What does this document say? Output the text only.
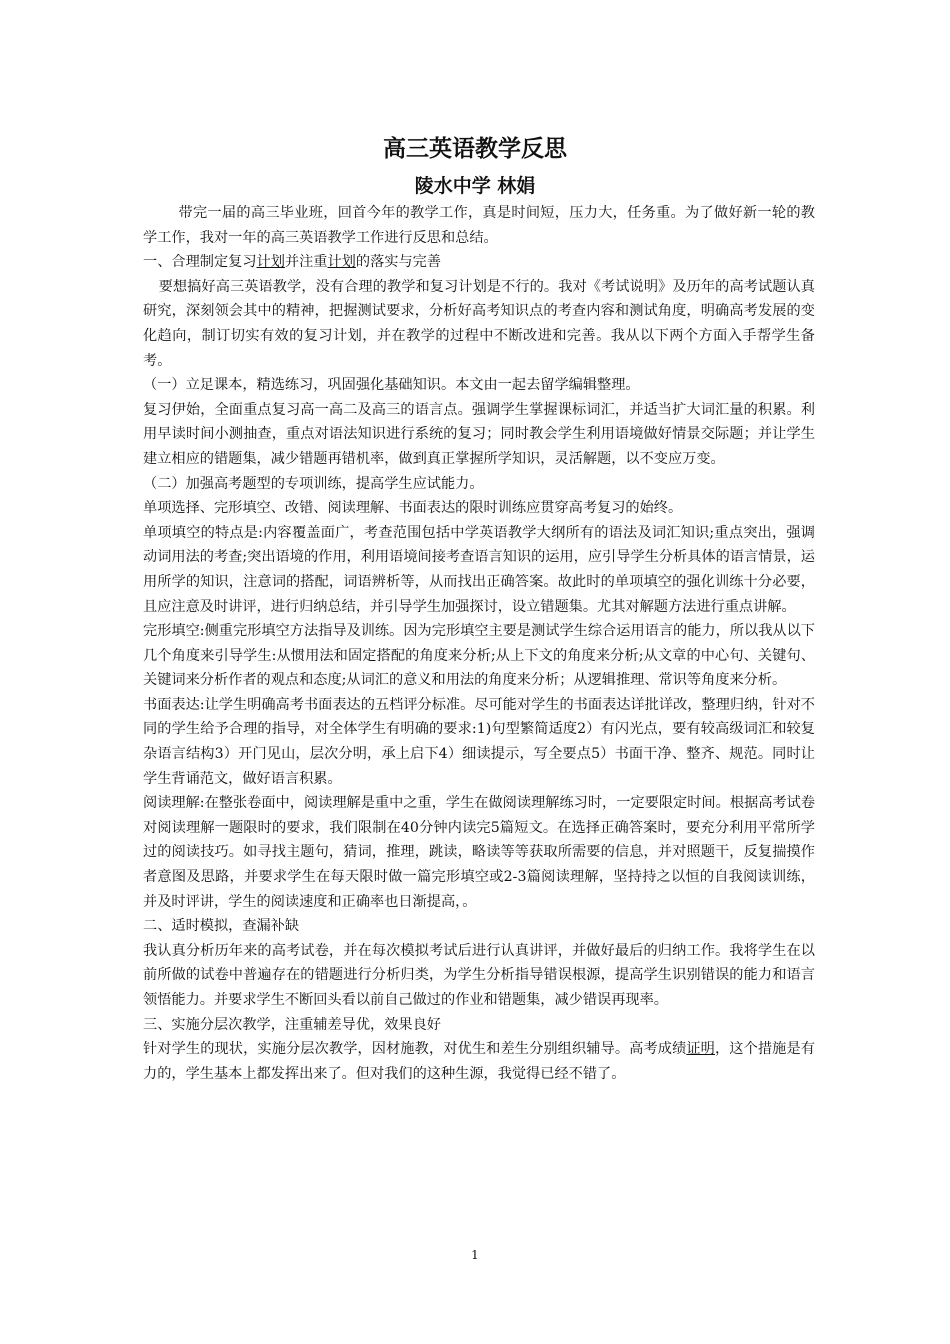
高三英语教学反思
陵水中学 林娟

带完一届的高三毕业班，回首今年的教学工作，真是时间短，压力大，任务重。为了做好新一轮的教学工作，我对一年的高三英语教学工作进行反思和总结。

一、合理制定复习计划并注重计划的落实与完善

要想搞好高三英语教学，没有合理的教学和复习计划是不行的。我对《考试说明》及历年的高考试题认真研究，深刻领会其中的精神，把握测试要求，分析好高考知识点的考查内容和测试角度，明确高考发展的变化趋向，制订切实有效的复习计划，并在教学的过程中不断改进和完善。我从以下两个方面入手帮学生备考。

（一）立足课本，精选练习，巩固强化基础知识。本文由一起去留学编辑整理。

复习伊始，全面重点复习高一高二及高三的语言点。强调学生掌握课标词汇，并适当扩大词汇量的积累。利用早读时间小测抽查，重点对语法知识进行系统的复习；同时教会学生利用语境做好情景交际题；并让学生建立相应的错题集，减少错题再错机率，做到真正掌握所学知识，灵活解题，以不变应万变。

（二）加强高考题型的专项训练，提高学生应试能力。

单项选择、完形填空、改错、阅读理解、书面表达的限时训练应贯穿高考复习的始终。

单项填空的特点是:内容覆盖面广，考查范围包括中学英语教学大纲所有的语法及词汇知识;重点突出，强调动词用法的考查;突出语境的作用，利用语境间接考查语言知识的运用，应引导学生分析具体的语言情景，运用所学的知识，注意词的搭配，词语辨析等，从而找出正确答案。故此时的单项填空的强化训练十分必要，且应注意及时讲评，进行归纳总结，并引导学生加强探讨，设立错题集。尤其对解题方法进行重点讲解。

完形填空:侧重完形填空方法指导及训练。因为完形填空主要是测试学生综合运用语言的能力，所以我从以下几个角度来引导学生:从惯用法和固定搭配的角度来分析;从上下文的角度来分析;从文章的中心句、关键句、关键词来分析作者的观点和态度;从词汇的意义和用法的角度来分析；从逻辑推理、常识等角度来分析。

书面表达:让学生明确高考书面表达的五档评分标准。尽可能对学生的书面表达详批详改，整理归纳，针对不同的学生给予合理的指导，对全体学生有明确的要求:1)句型繁简适度2）有闪光点，要有较高级词汇和较复杂语言结构3）开门见山，层次分明，承上启下4）细读提示，写全要点5）书面干净、整齐、规范。同时让学生背诵范文，做好语言积累。

阅读理解:在整张卷面中，阅读理解是重中之重，学生在做阅读理解练习时，一定要限定时间。根据高考试卷对阅读理解一题限时的要求，我们限制在40分钟内读完5篇短文。在选择正确答案时，要充分利用平常所学过的阅读技巧。如寻找主题句，猜词，推理，跳读，略读等等获取所需要的信息，并对照题干，反复揣摸作者意图及思路，并要求学生在每天限时做一篇完形填空或2-3篇阅读理解，坚持持之以恒的自我阅读训练，并及时评讲，学生的阅读速度和正确率也日渐提高，。

二、适时模拟，查漏补缺

我认真分析历年来的高考试卷，并在每次模拟考试后进行认真讲评，并做好最后的归纳工作。我将学生在以前所做的试卷中普遍存在的错题进行分析归类，为学生分析指导错误根源，提高学生识别错误的能力和语言领悟能力。并要求学生不断回头看以前自己做过的作业和错题集，减少错误再现率。

三、实施分层次教学，注重辅差导优，效果良好

针对学生的现状，实施分层次教学，因材施教，对优生和差生分别组织辅导。高考成绩证明，这个措施是有力的，学生基本上都发挥出来了。但对我们的这种生源，我觉得已经不错了。

1
